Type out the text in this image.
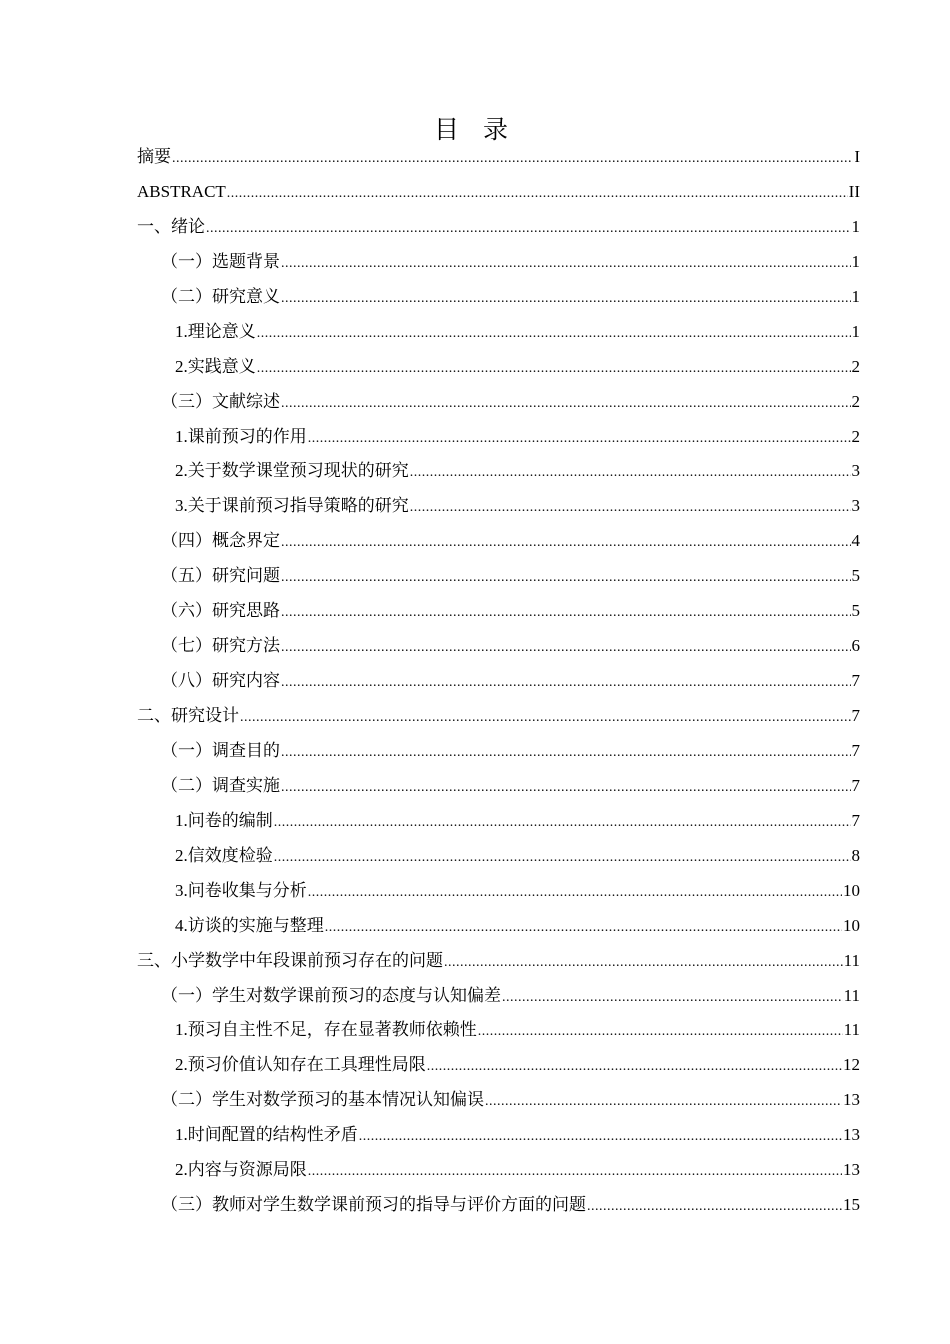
目 录
摘要 .....	I
ABSTRACT .....	II
一、绪论 .....	1
（一）选题背景 .....	1
（二）研究意义 .....	1
1.理论意义 .....	1
2.实践意义 .....	2
（三）文献综述 .....	2
1.课前预习的作用 .....	2
2.关于数学课堂预习现状的研究 .....	3
3.关于课前预习指导策略的研究 .....	3
（四）概念界定 .....	4
（五）研究问题 .....	5
（六）研究思路 .....	5
（七）研究方法 .....	6
（八）研究内容 .....	7
二、研究设计 .....	7
（一）调查目的 .....	7
（二）调查实施 .....	7
1.问卷的编制 .....	7
2.信效度检验 .....	8
3.问卷收集与分析 .....	10
4.访谈的实施与整理 .....	10
三、小学数学中年段课前预习存在的问题 .....	11
（一）学生对数学课前预习的态度与认知偏差 .....	11
1.预习自主性不足，存在显著教师依赖性 .....	11
2.预习价值认知存在工具理性局限 .....	12
（二）学生对数学预习的基本情况认知偏误 .....	13
1.时间配置的结构性矛盾 .....	13
2.内容与资源局限 .....	13
（三）教师对学生数学课前预习的指导与评价方面的问题 .....	15
